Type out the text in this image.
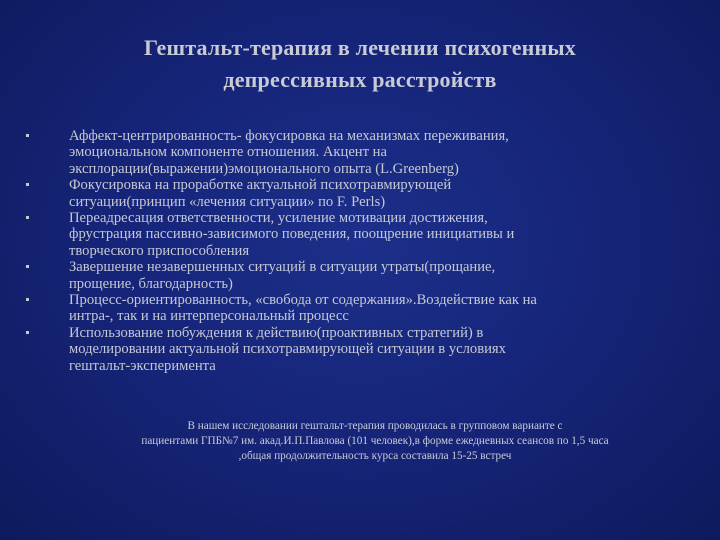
Гештальт-терапия в лечении психогенных
депрессивных расстройств
Аффект-центрированность- фокусировка на механизмах переживания,
эмоциональном компоненте отношения. Акцент на
эксплорации(выражении)эмоционального опыта (L.Greenberg)
Фокусировка на проработке актуальной психотравмирующей
ситуации(принцип «лечения ситуации» по F. Perls)
Переадресация ответственности, усиление мотивации достижения,
фрустрация пассивно-зависимого поведения, поощрение инициативы и
творческого приспособления
Завершение незавершенных ситуаций в ситуации утраты(прощание,
прощение, благодарность)
Процесс-ориентированность, «свобода от содержания».Воздействие как на
интра-, так и на интерперсональный процесс
Использование побуждения к действию(проактивных стратегий) в
моделировании актуальной психотравмирующей ситуации в условиях
гештальт-эксперимента
В нашем исследовании гештальт-терапия проводилась в групповом варианте с
пациентами ГПБ№7 им. акад.И.П.Павлова (101 человек),в форме ежедневных сеансов по 1,5 часа
,общая продолжительность курса составила 15-25 встреч
